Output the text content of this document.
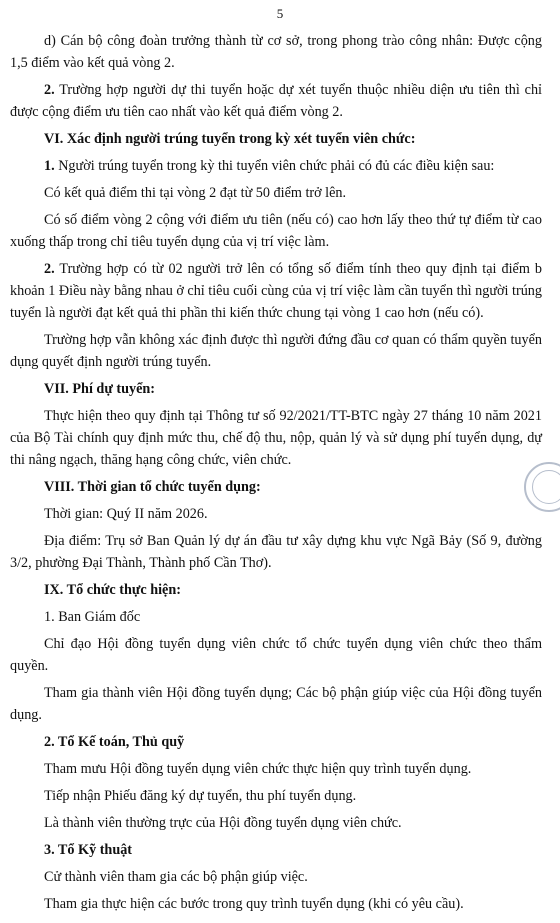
5

d) Cán bộ công đoàn trưởng thành từ cơ sở, trong phong trào công nhân: Được cộng 1,5 điểm vào kết quả vòng 2.

2. Trường hợp người dự thi tuyển hoặc dự xét tuyển thuộc nhiều diện ưu tiên thì chỉ được cộng điểm ưu tiên cao nhất vào kết quả điểm vòng 2.

VI. Xác định người trúng tuyển trong kỳ xét tuyển viên chức:

1. Người trúng tuyển trong kỳ thi tuyển viên chức phải có đủ các điều kiện sau:

Có kết quả điểm thi tại vòng 2 đạt từ 50 điểm trở lên.

Có số điểm vòng 2 cộng với điểm ưu tiên (nếu có) cao hơn lấy theo thứ tự điểm từ cao xuống thấp trong chỉ tiêu tuyển dụng của vị trí việc làm.

2. Trường hợp có từ 02 người trở lên có tổng số điểm tính theo quy định tại điểm b khoản 1 Điều này bằng nhau ở chỉ tiêu cuối cùng của vị trí việc làm cần tuyển thì người trúng tuyển là người đạt kết quả thi phần thi kiến thức chung tại vòng 1 cao hơn (nếu có).

Trường hợp vẫn không xác định được thì người đứng đầu cơ quan có thẩm quyền tuyển dụng quyết định người trúng tuyển.

VII. Phí dự tuyển:

Thực hiện theo quy định tại Thông tư số 92/2021/TT-BTC ngày 27 tháng 10 năm 2021 của Bộ Tài chính quy định mức thu, chế độ thu, nộp, quản lý và sử dụng phí tuyển dụng, dự thi nâng ngạch, thăng hạng công chức, viên chức.

VIII. Thời gian tổ chức tuyển dụng:

Thời gian: Quý II năm 2026.

Địa điểm: Trụ sở Ban Quản lý dự án đầu tư xây dựng khu vực Ngã Bảy (Số 9, đường 3/2, phường Đại Thành, Thành phố Cần Thơ).

IX. Tổ chức thực hiện:

1. Ban Giám đốc

Chỉ đạo Hội đồng tuyển dụng viên chức tổ chức tuyển dụng viên chức theo thẩm quyền.

Tham gia thành viên Hội đồng tuyển dụng; Các bộ phận giúp việc của Hội đồng tuyển dụng.

2. Tổ Kế toán, Thủ quỹ

Tham mưu Hội đồng tuyển dụng viên chức thực hiện quy trình tuyển dụng.

Tiếp nhận Phiếu đăng ký dự tuyển, thu phí tuyển dụng.

Là thành viên thường trực của Hội đồng tuyển dụng viên chức.

3. Tổ Kỹ thuật

Cử thành viên tham gia các bộ phận giúp việc.

Tham gia thực hiện các bước trong quy trình tuyển dụng (khi có yêu cầu).
